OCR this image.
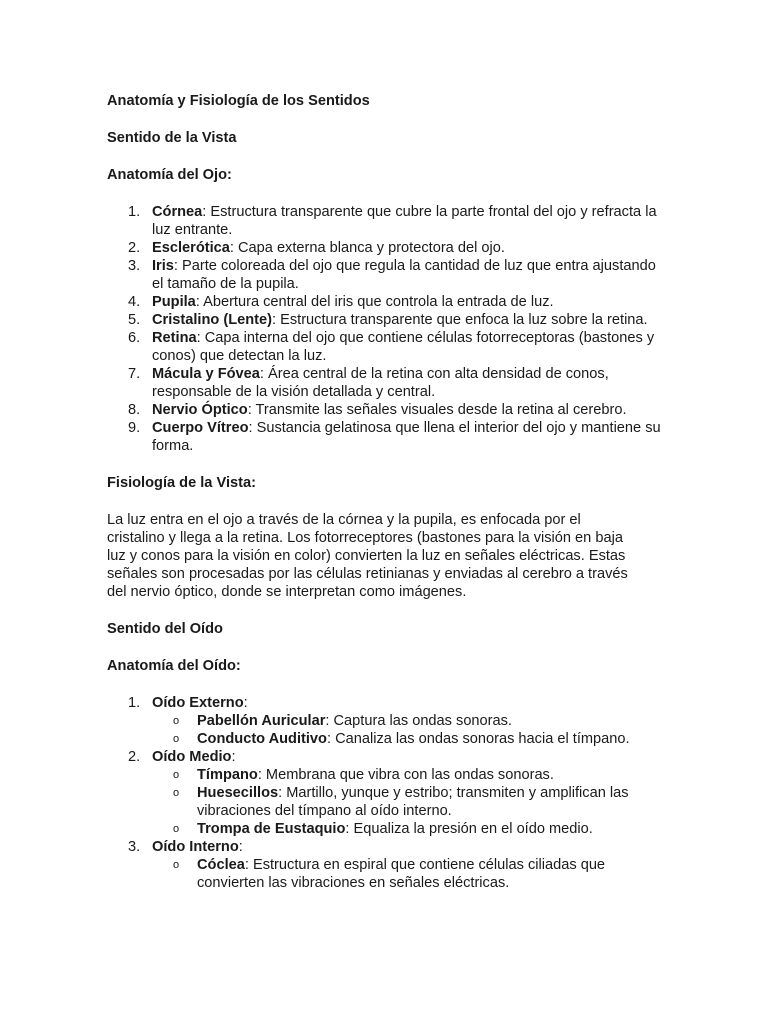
Anatomía y Fisiología de los Sentidos
Sentido de la Vista
Anatomía del Ojo:
1. Córnea: Estructura transparente que cubre la parte frontal del ojo y refracta la luz entrante.
2. Esclerótica: Capa externa blanca y protectora del ojo.
3. Iris: Parte coloreada del ojo que regula la cantidad de luz que entra ajustando el tamaño de la pupila.
4. Pupila: Abertura central del iris que controla la entrada de luz.
5. Cristalino (Lente): Estructura transparente que enfoca la luz sobre la retina.
6. Retina: Capa interna del ojo que contiene células fotorreceptoras (bastones y conos) que detectan la luz.
7. Mácula y Fóvea: Área central de la retina con alta densidad de conos, responsable de la visión detallada y central.
8. Nervio Óptico: Transmite las señales visuales desde la retina al cerebro.
9. Cuerpo Vítreo: Sustancia gelatinosa que llena el interior del ojo y mantiene su forma.
Fisiología de la Vista:

La luz entra en el ojo a través de la córnea y la pupila, es enfocada por el cristalino y llega a la retina. Los fotorreceptores (bastones para la visión en baja luz y conos para la visión en color) convierten la luz en señales eléctricas. Estas señales son procesadas por las células retinianas y enviadas al cerebro a través del nervio óptico, donde se interpretan como imágenes.

Sentido del Oído
Anatomía del Oído:
1. Oído Externo:
o Pabellón Auricular: Captura las ondas sonoras.
o Conducto Auditivo: Canaliza las ondas sonoras hacia el tímpano.
2. Oído Medio:
o Tímpano: Membrana que vibra con las ondas sonoras.
o Huesecillos: Martillo, yunque y estribo; transmiten y amplifican las vibraciones del tímpano al oído interno.
o Trompa de Eustaquio: Equaliza la presión en el oído medio.
3. Oído Interno:
o Cóclea: Estructura en espiral que contiene células ciliadas que convierten las vibraciones en señales eléctricas.
